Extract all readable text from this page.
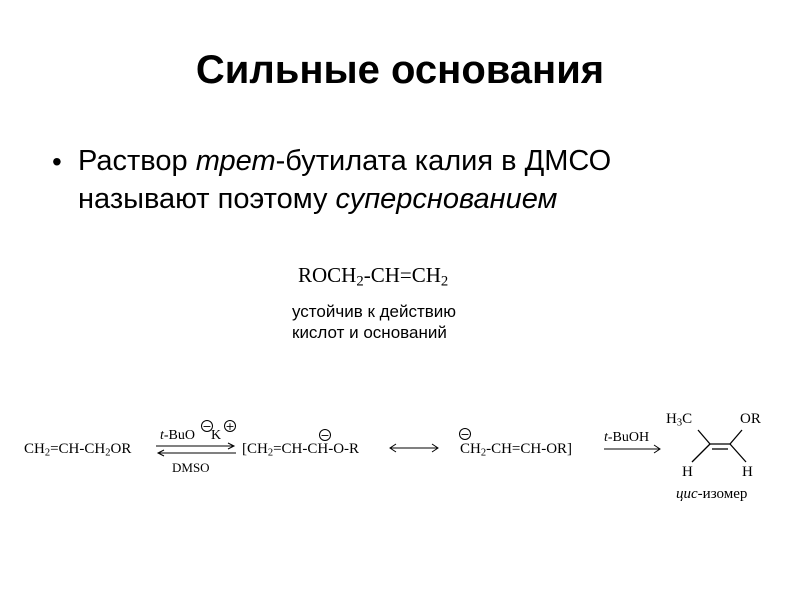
Сильные основания
• Раствор трет-бутилата калия в ДМСО
называют поэтому суперснованием
$ROCH_2-CH=CH_2$
устойчив к действию
кислот и оснований
$CH_2=CH-CH_2OR$
t-BuO K
− +
DMSO
[$CH_2=CH-CH-O-R$
−
$CH_2-CH=CH-OR$]
−	t-BuOH
$H_3C$	OR
H	H
цис-изомер
